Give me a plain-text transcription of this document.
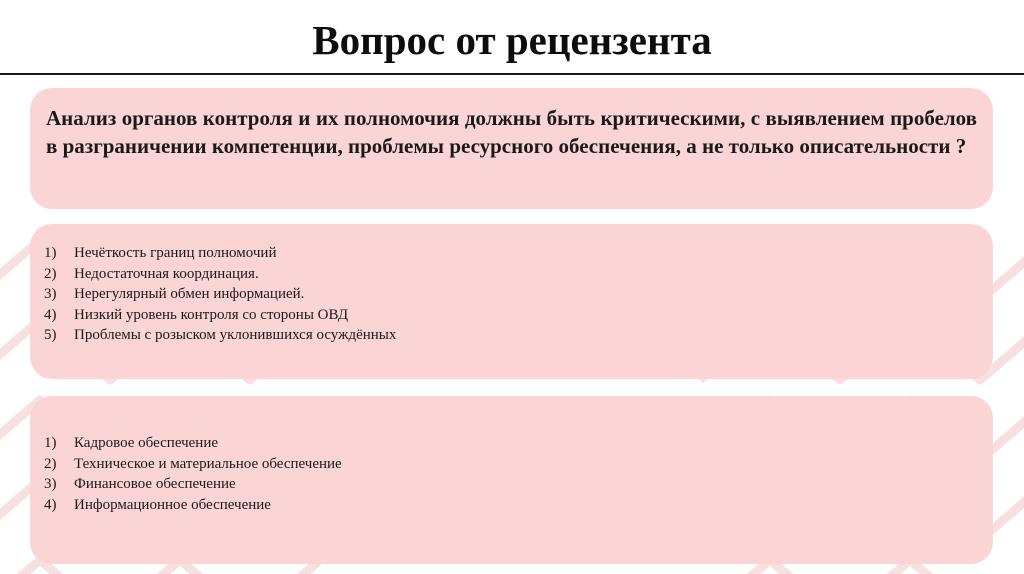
Вопрос от рецензента

Анализ органов контроля и их полномочия должны быть критическими, с выявлением пробелов в разграничении компетенции, проблемы ресурсного обеспечения, а не только описательности ?

1)	Нечёткость границ полномочий
2)	Недостаточная координация.
3)	Нерегулярный обмен информацией.
4)	Низкий уровень контроля со стороны ОВД
5)	Проблемы с розыском уклонившихся осуждённых
1)	Кадровое обеспечение
2)	Техническое и материальное обеспечение
3)	Финансовое обеспечение
4)	Информационное обеспечение
